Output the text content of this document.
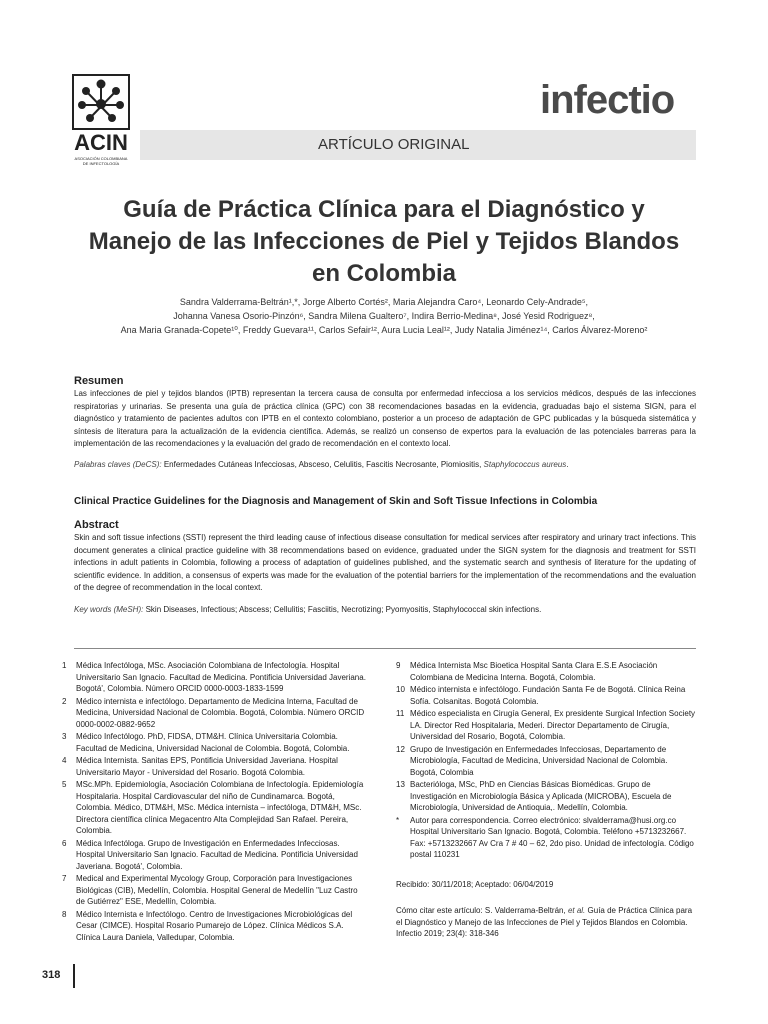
ACIN
ASOCIACIÓN COLOMBIANA DE INFECTOLOGÍA
infectio
ARTÍCULO ORIGINAL
Guía de Práctica Clínica para el Diagnóstico y Manejo de las Infecciones de Piel y Tejidos Blandos en Colombia
Sandra Valderrama-Beltrán¹,*, Jorge Alberto Cortés², Maria Alejandra Caro⁴, Leonardo Cely-Andrade⁵,
Johanna Vanesa Osorio-Pinzón⁶, Sandra Milena Gualtero⁷, Indira Berrio-Medina⁸, José Yesid Rodriguez⁸,
Ana Maria Granada-Copete¹⁰, Freddy Guevara¹¹, Carlos Sefair¹², Aura Lucia Leal¹², Judy Natalia Jiménez¹⁴, Carlos Álvarez-Moreno²
Resumen
Las infecciones de piel y tejidos blandos (IPTB) representan la tercera causa de consulta por enfermedad infecciosa a los servicios médicos, después de las infecciones respiratorias y urinarias. Se presenta una guía de práctica clínica (GPC) con 38 recomendaciones basadas en la evidencia, graduadas bajo el sistema SIGN, para el diagnóstico y tratamiento de pacientes adultos con IPTB en el contexto colombiano, posterior a un proceso de adaptación de GPC publicadas y la búsqueda sistemática y síntesis de literatura para la actualización de la evidencia científica. Además, se realizó un consenso de expertos para la evaluación de las potenciales barreras para la implementación de las recomendaciones y la evaluación del grado de recomendación en el contexto local.
Palabras claves (DeCS): Enfermedades Cutáneas Infecciosas, Absceso, Celulitis, Fascitis Necrosante, Piomiositis, Staphylococcus aureus.
Clinical Practice Guidelines for the Diagnosis and Management of Skin and Soft Tissue Infections in Colombia
Abstract
Skin and soft tissue infections (SSTI) represent the third leading cause of infectious disease consultation for medical services after respiratory and urinary tract infections. This document generates a clinical practice guideline with 38 recommendations based on evidence, graduated under the SIGN system for the diagnosis and treatment for SSTI infections in adult patients in Colombia, following a process of adaptation of guidelines published, and the systematic search and synthesis of literature for the updating of scientific evidence. In addition, a consensus of experts was made for the evaluation of the potential barriers for the implementation of the recommendations and the evaluation of the degree of recommendation in the local context.
Key words (MeSH): Skin Diseases, Infectious; Abscess; Cellulitis; Fasciitis, Necrotizing; Pyomyositis, Staphylococcal skin infections.
1 Médica Infectóloga, MSc. Asociación Colombiana de Infectología. Hospital Universitario San Ignacio. Facultad de Medicina. Pontificia Universidad Javeriana. Bogotá', Colombia. Número ORCID 0000-0003-1833-1599
2 Médico internista e infectólogo. Departamento de Medicina Interna, Facultad de Medicina, Universidad Nacional de Colombia. Bogotá, Colombia. Número ORCID 0000-0002-0882-9652
3 Médico Infectólogo. PhD, FIDSA, DTM&H. Clínica Universitaria Colombia. Facultad de Medicina, Universidad Nacional de Colombia. Bogotá, Colombia.
4 Médica Internista. Sanitas EPS, Pontificia Universidad Javeriana. Hospital Universitario Mayor - Universidad del Rosario. Bogotá Colombia.
5 MSc.MPh. Epidemiología, Asociación Colombiana de Infectología. Epidemiología Hospitalaria. Hospital Cardiovascular del niño de Cundinamarca. Bogotá, Colombia. Médico, DTM&H, MSc. Médica internista – infectóloga, DTM&H, MSc. Directora científica clínica Megacentro Alta Complejidad San Rafael. Pereira, Colombia.
6 Médica Infectóloga. Grupo de Investigación en Enfermedades Infecciosas. Hospital Universitario San Ignacio. Facultad de Medicina. Pontificia Universidad Javeriana. Bogotá', Colombia.
7 Medical and Experimental Mycology Group, Corporación para Investigaciones Biológicas (CIB), Medellín, Colombia. Hospital General de Medellín "Luz Castro de Gutiérrez" ESE, Medellín, Colombia.
8 Médico Internista e Infectólogo. Centro de Investigaciones Microbiológicas del Cesar (CIMCE). Hospital Rosario Pumarejo de López. Clínica Médicos S.A. Clínica Laura Daniela, Valledupar, Colombia.
9 Médica Internista Msc Bioetica Hospital Santa Clara E.S.E Asociación Colombiana de Medicina Interna. Bogotá, Colombia.
10 Médico internista e infectólogo. Fundación Santa Fe de Bogotá. Clínica Reina Sofía. Colsanitas. Bogotá Colombia.
11 Médico especialista en Cirugía General, Ex presidente Surgical Infection Society LA. Director Red Hospitalaria, Mederi. Director Departamento de Cirugía, Universidad del Rosario, Bogotá, Colombia.
12 Grupo de Investigación en Enfermedades Infecciosas, Departamento de Microbiología, Facultad de Medicina, Universidad Nacional de Colombia. Bogotá, Colombia
13 Bacterióloga, MSc, PhD en Ciencias Básicas Biomédicas. Grupo de Investigación en Microbiología Básica y Aplicada (MICROBA), Escuela de Microbiología, Universidad de Antioquia,. Medellín, Colombia.
* Autor para correspondencia. Correo electrónico: slvalderrama@husi.org.co Hospital Universitario San Ignacio. Bogotá, Colombia. Teléfono +5713232667. Fax: +5713232667 Av Cra 7 # 40 – 62, 2do piso. Unidad de infectología. Código postal 110231
Recibido: 30/11/2018; Aceptado: 06/04/2019
Cómo citar este artículo: S. Valderrama-Beltrán, et al. Guía de Práctica Clínica para el Diagnóstico y Manejo de las Infecciones de Piel y Tejidos Blandos en Colombia. Infectio 2019; 23(4): 318-346
318
